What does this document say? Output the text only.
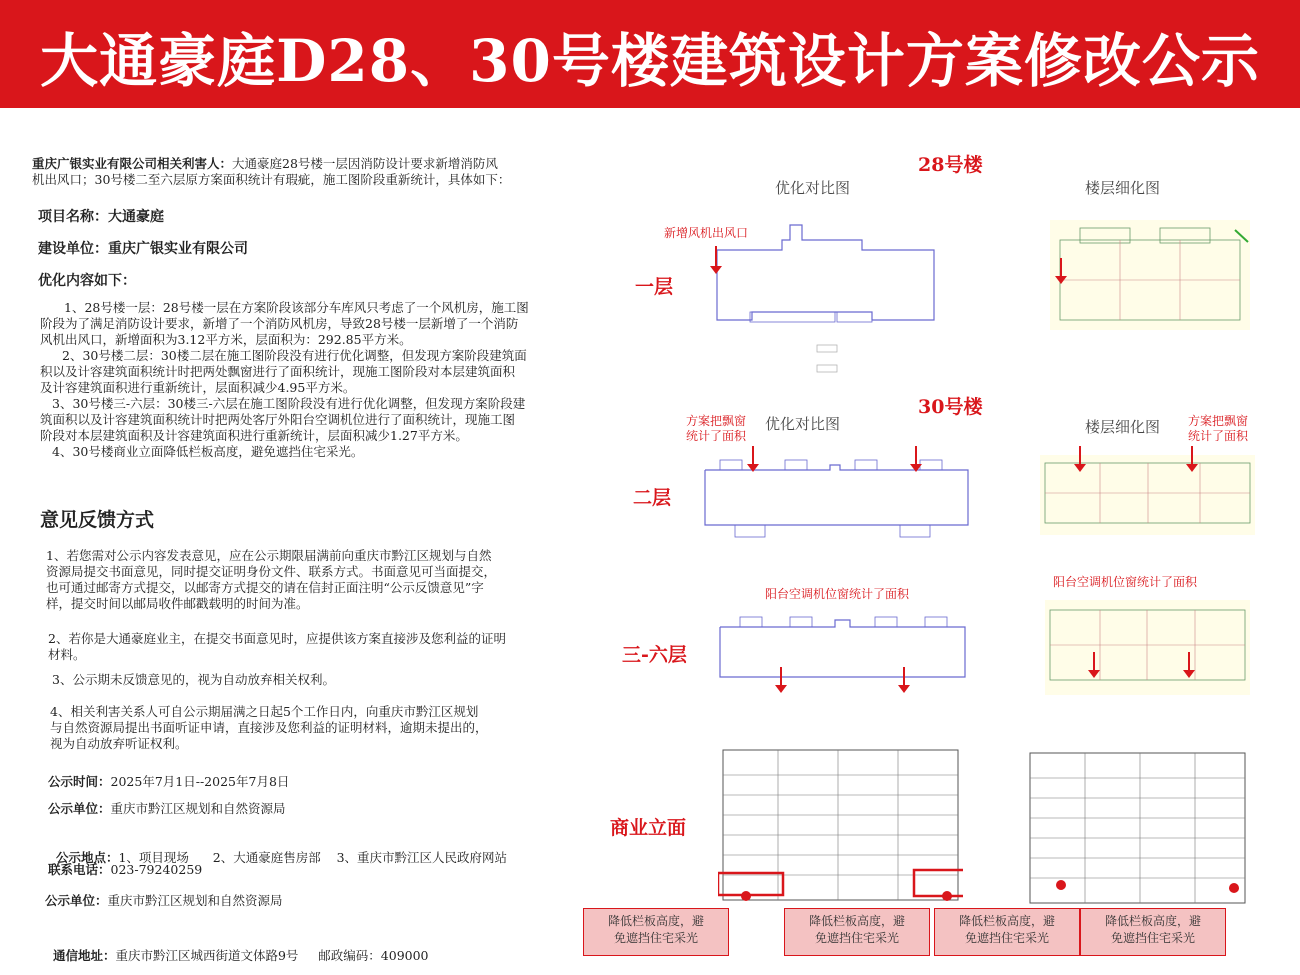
大通豪庭D28、30号楼建筑设计方案修改公示
重庆广银实业有限公司相关利害人：大通豪庭28号楼一层因消防设计要求新增消防风
机出风口；30号楼二至六层原方案面积统计有瑕疵，施工图阶段重新统计，具体如下：
项目名称：大通豪庭
建设单位：重庆广银实业有限公司
优化内容如下：
1、28号楼一层：28号楼一层在方案阶段该部分车库风只考虑了一个风机房，施工图
阶段为了满足消防设计要求，新增了一个消防风机房，导致28号楼一层新增了一个消防
风机出风口，新增面积为3.12平方米，层面积为：292.85平方米。
2、30号楼二层：30楼二层在施工图阶段没有进行优化调整，但发现方案阶段建筑面
积以及计容建筑面积统计时把两处飘窗进行了面积统计，现施工图阶段对本层建筑面积
及计容建筑面积进行重新统计，层面积减少4.95平方米。
3、30号楼三-六层：30楼三-六层在施工图阶段没有进行优化调整，但发现方案阶段建
筑面积以及计容建筑面积统计时把两处客厅外阳台空调机位进行了面积统计，现施工图
阶段对本层建筑面积及计容建筑面积进行重新统计，层面积减少1.27平方米。
4、30号楼商业立面降低栏板高度，避免遮挡住宅采光。
意见反馈方式
1、若您需对公示内容发表意见，应在公示期限届满前向重庆市黔江区规划与自然
资源局提交书面意见，同时提交证明身份文件、联系方式。书面意见可当面提交，
也可通过邮寄方式提交，以邮寄方式提交的请在信封正面注明“公示反馈意见”字
样，提交时间以邮局收件邮戳载明的时间为准。
2、若你是大通豪庭业主，在提交书面意见时，应提供该方案直接涉及您利益的证明
材料。
3、公示期未反馈意见的，视为自动放弃相关权利。
4、相关利害关系人可自公示期届满之日起5个工作日内，向重庆市黔江区规划
与自然资源局提出书面听证申请，直接涉及您利益的证明材料，逾期未提出的，
视为自动放弃听证权利。
公示时间：2025年7月1日--2025年7月8日
公示单位：重庆市黔江区规划和自然资源局

公示地点：1、项目现场      2、大通豪庭售房部    3、重庆市黔江区人民政府网站

联系电话：023-79240259
公示单位：重庆市黔江区规划和自然资源局

通信地址：重庆市黔江区城西街道文体路9号     邮政编码：409000

28号楼
优化对比图	楼层细化图
一层
新增风机出风口
30号楼
优化对比图	楼层细化图
方案把飘窗
统计了面积
方案把飘窗
统计了面积
二层
阳台空调机位窗统计了面积
阳台空调机位窗统计了面积
三-六层
商业立面
降低栏板高度，避
免遮挡住宅采光
降低栏板高度，避
免遮挡住宅采光
降低栏板高度，避
免遮挡住宅采光
降低栏板高度，避
免遮挡住宅采光
